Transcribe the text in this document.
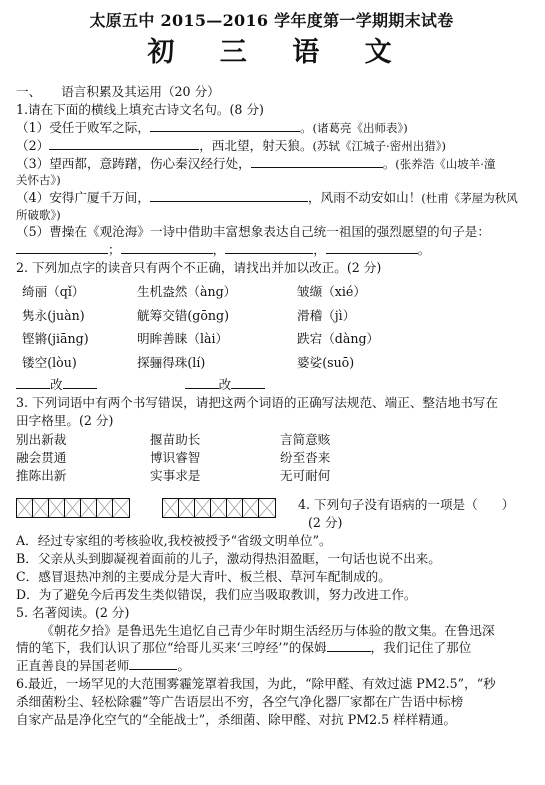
太原五中 2015—2016 学年度第一学期期末试卷
初 三 语 文
一、     语言积累及其运用（20 分）
1.请在下面的横线上填充古诗文名句。(8 分)
（1）受任于败军之际，	。(诸葛亮《出师表》)
（2）	，西北望，射天狼。(苏轼《江城子·密州出猎》)
（3）望西都，意踌躇，伤心秦汉经行处，	。(张养浩《山坡羊·潼
关怀古》)
（4）安得广厦千万间，	，风雨不动安如山！(杜甫《茅屋为秋风
所破歌》)
（5）曹操在《观沧海》一诗中借助丰富想象表达自己统一祖国的强烈愿望的句子是：
；	，	，	。
2. 下列加点字的读音只有两个不正确，请找出并加以改正。(2 分)
绮丽（qǐ）	生机盎然（àng）	皱缬（xié）
隽永(juàn)	觥筹交错(gōng)	滑稽（jì）
铿锵(jiāng)	明眸善睐（lài）	跌宕（dàng）
镂空(lòu)	探骊得珠(lí)	婆娑(suō)
改	改
3. 下列词语中有两个书写错误，请把这两个词语的正确写法规范、端正、整洁地书写在
田字格里。(2 分)
别出新裁	揠苗助长	言简意赅
融会贯通	博识睿智	纷至沓来
推陈出新	实事求是	无可耐何
4. 下列句子没有语病的一项是（      ）
(2 分)
A．经过专家组的考核验收,我校被授予“省级文明单位”。
B．父亲从头到脚凝视着面前的儿子，激动得热泪盈眶，一句话也说不出来。
C．感冒退热冲剂的主要成分是大青叶、板兰根、草河车配制成的。
D．为了避免今后再发生类似错误，我们应当吸取教训，努力改进工作。
5. 名著阅读。(2 分)
《朝花夕拾》是鲁迅先生追忆自己青少年时期生活经历与体验的散文集。在鲁迅深
情的笔下，我们认识了那位“给哥儿买来‘三哼经’”的保姆	，我们记住了那位
正直善良的异国老师	。
6.最近，一场罕见的大范围雾霾笼罩着我国，为此，“除甲醛、有效过滤 PM2.5”，“秒
杀细菌粉尘、轻松除霾”等广告语层出不穷，各空气净化器厂家都在广告语中标榜
自家产品是净化空气的“全能战士”，杀细菌、除甲醛、对抗 PM2.5 样样精通。
